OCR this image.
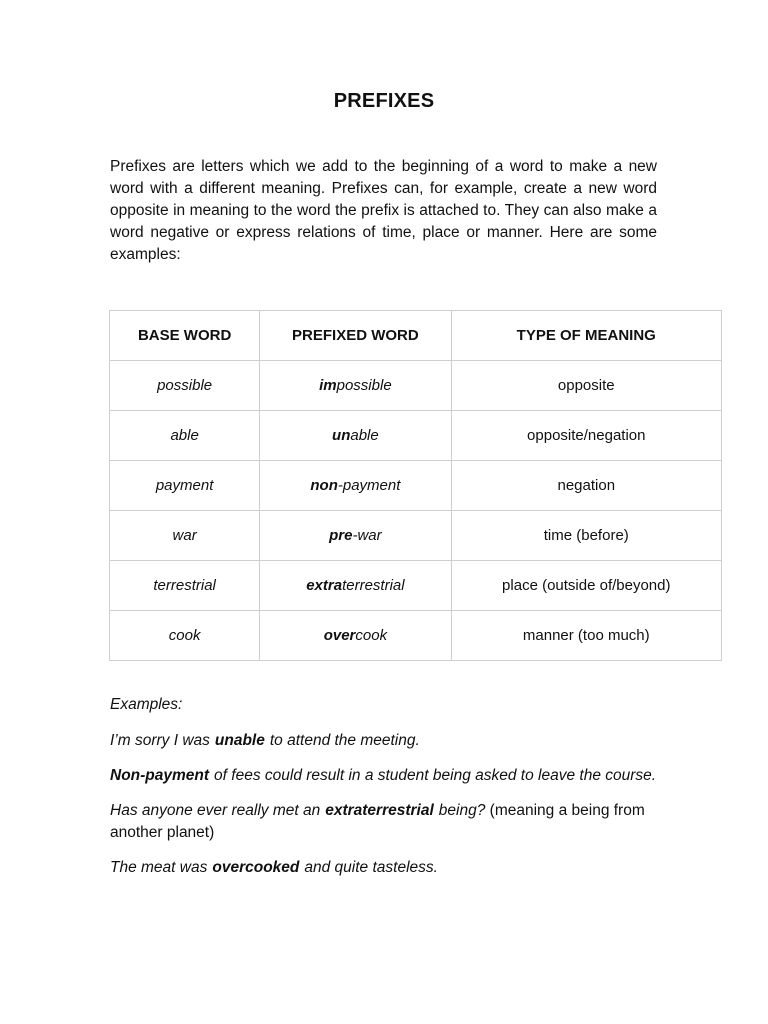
PREFIXES

Prefixes are letters which we add to the beginning of a word to make a new word with a different meaning. Prefixes can, for example, create a new word opposite in meaning to the word the prefix is attached to. They can also make a word negative or express relations of time, place or manner. Here are some examples:

BASE WORD	PREFIXED WORD	TYPE OF MEANING
possible	impossible	opposite
able	unable	opposite/negation
payment	non-payment	negation
war	pre-war	time (before)
terrestrial	extraterrestrial	place (outside of/beyond)
cook	overcook	manner (too much)

Examples:

I’m sorry I was unable to attend the meeting.

Non-payment of fees could result in a student being asked to leave the course.

Has anyone ever really met an extraterrestrial being? (meaning a being from another planet)

The meat was overcooked and quite tasteless.
